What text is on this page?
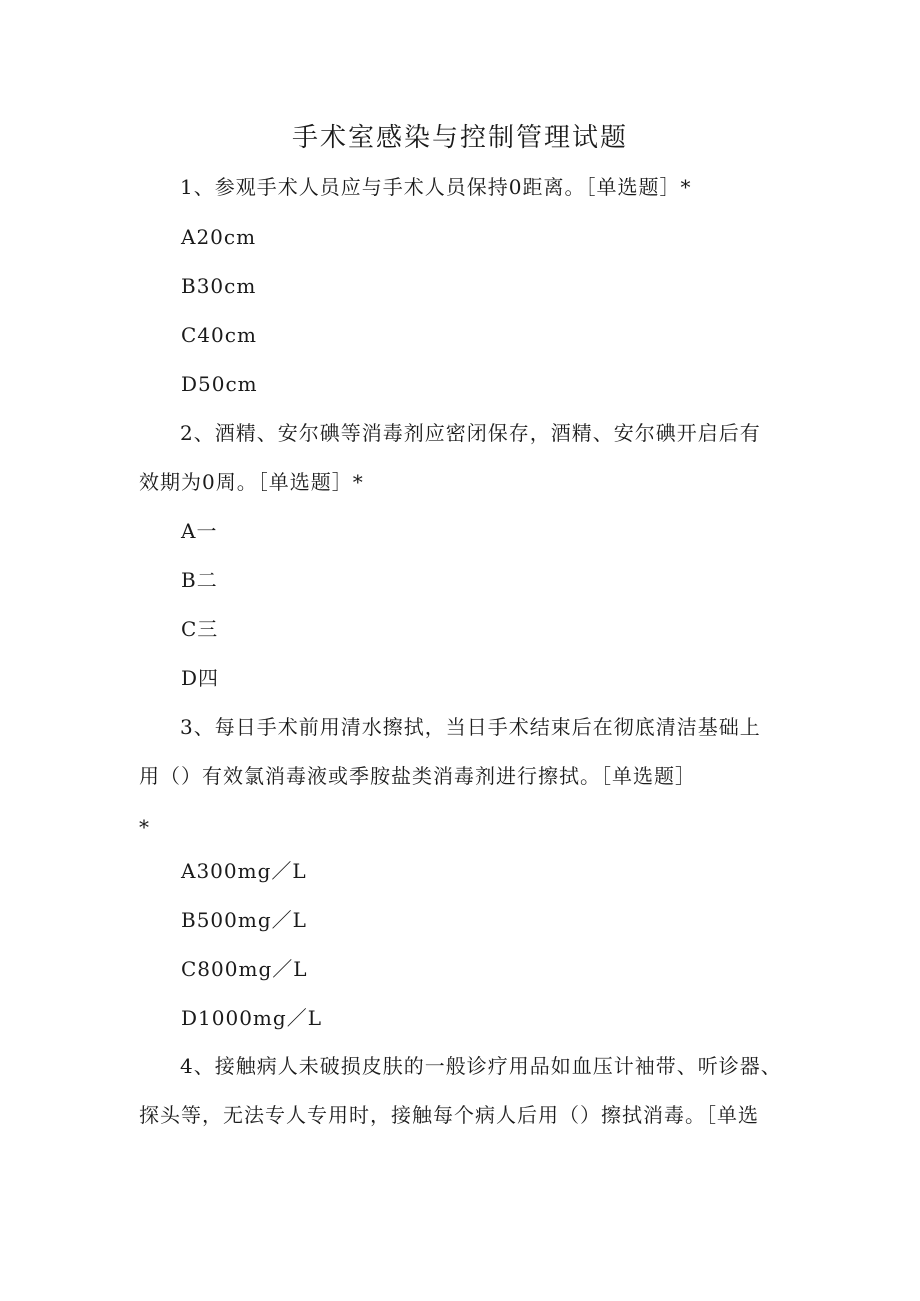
手术室感染与控制管理试题
1、参观手术人员应与手术人员保持0距离。［单选题］*
A20cm
B30cm
C40cm
D50cm
2、酒精、安尔碘等消毒剂应密闭保存，酒精、安尔碘开启后有
效期为0周。［单选题］*
A一
B二
C三
D四
3、每日手术前用清水擦拭，当日手术结束后在彻底清洁基础上
用（）有效氯消毒液或季胺盐类消毒剂进行擦拭。［单选题］
*
A300mg／L
B500mg／L
C800mg／L
D1000mg／L
4、接触病人未破损皮肤的一般诊疗用品如血压计袖带、听诊器、
探头等，无法专人专用时，接触每个病人后用（）擦拭消毒。［单选
